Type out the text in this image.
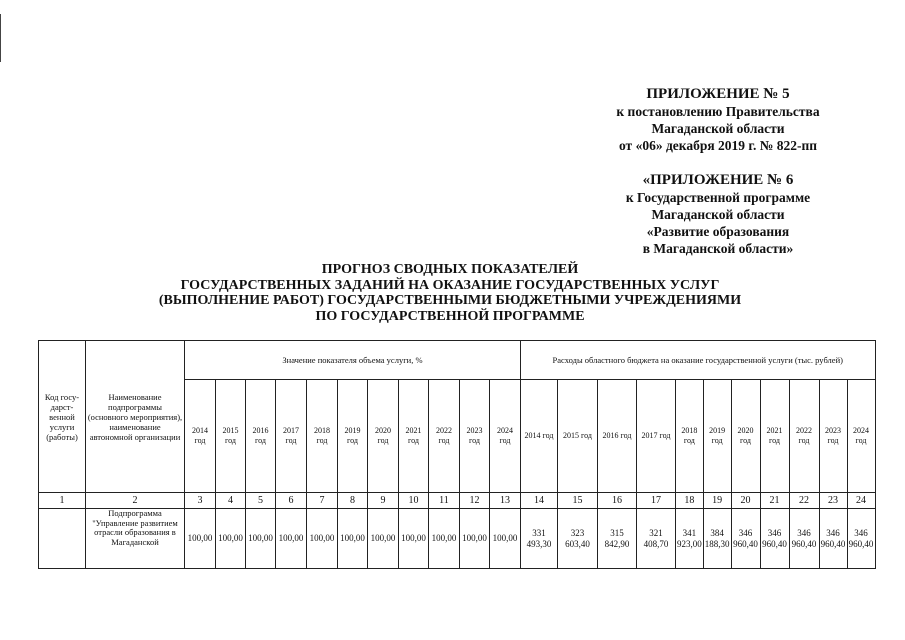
ПРИЛОЖЕНИЕ № 5
к постановлению Правительства
Магаданской области
от «06» декабря 2019 г. № 822-пп
«ПРИЛОЖЕНИЕ № 6
к Государственной программе
Магаданской области
«Развитие образования
в Магаданской области»
ПРОГНОЗ СВОДНЫХ ПОКАЗАТЕЛЕЙ
ГОСУДАРСТВЕННЫХ ЗАДАНИЙ НА ОКАЗАНИЕ ГОСУДАРСТВЕННЫХ УСЛУГ
(ВЫПОЛНЕНИЕ РАБОТ) ГОСУДАРСТВЕННЫМИ БЮДЖЕТНЫМИ УЧРЕЖДЕНИЯМИ
ПО ГОСУДАРСТВЕННОЙ ПРОГРАММЕ
Код госу-дарст-венной услуги (работы)	Наименование подпрограммы (основного мероприятия), наименование автономной организации	Значение показателя объема услуги, %											Расходы областного бюджета на оказание государственной услуги (тыс. рублей)										
		2014 год	2015 год	2016 год	2017 год	2018 год	2019 год	2020 год	2021 год	2022 год	2023 год	2024 год	2014 год	2015 год	2016 год	2017 год	2018 год	2019 год	2020 год	2021 год	2022 год	2023 год	2024 год
1	2	3	4	5	6	7	8	9	10	11	12	13	14	15	16	17	18	19	20	21	22	23	24
	Подпрограмма "Управление развитием отрасли образования в Магаданской	100,00	100,00	100,00	100,00	100,00	100,00	100,00	100,00	100,00	100,00	100,00	331 493,30	323 603,40	315 842,90	321 408,70	341 923,00	384 188,30	346 960,40	346 960,40	346 960,40	346 960,40	346 960,40
